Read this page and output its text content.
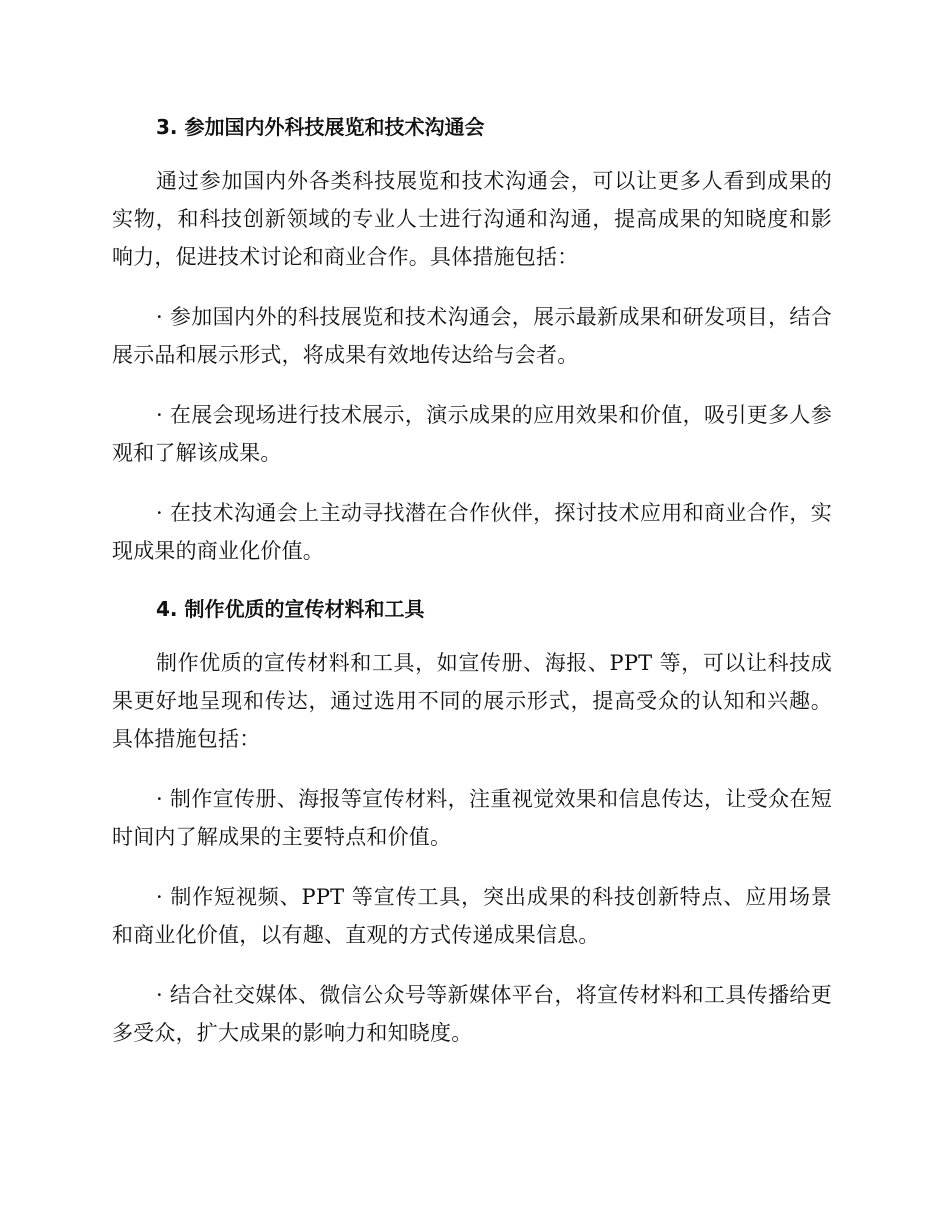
3. 参加国内外科技展览和技术沟通会

通过参加国内外各类科技展览和技术沟通会，可以让更多人看到成果的实物，和科技创新领域的专业人士进行沟通和沟通，提高成果的知晓度和影响力，促进技术讨论和商业合作。具体措施包括：

· 参加国内外的科技展览和技术沟通会，展示最新成果和研发项目，结合展示品和展示形式，将成果有效地传达给与会者。

· 在展会现场进行技术展示，演示成果的应用效果和价值，吸引更多人参观和了解该成果。

· 在技术沟通会上主动寻找潜在合作伙伴，探讨技术应用和商业合作，实现成果的商业化价值。

4. 制作优质的宣传材料和工具

制作优质的宣传材料和工具，如宣传册、海报、PPT 等，可以让科技成果更好地呈现和传达，通过选用不同的展示形式，提高受众的认知和兴趣。具体措施包括：

· 制作宣传册、海报等宣传材料，注重视觉效果和信息传达，让受众在短时间内了解成果的主要特点和价值。

· 制作短视频、PPT 等宣传工具，突出成果的科技创新特点、应用场景和商业化价值，以有趣、直观的方式传递成果信息。

· 结合社交媒体、微信公众号等新媒体平台，将宣传材料和工具传播给更多受众，扩大成果的影响力和知晓度。
